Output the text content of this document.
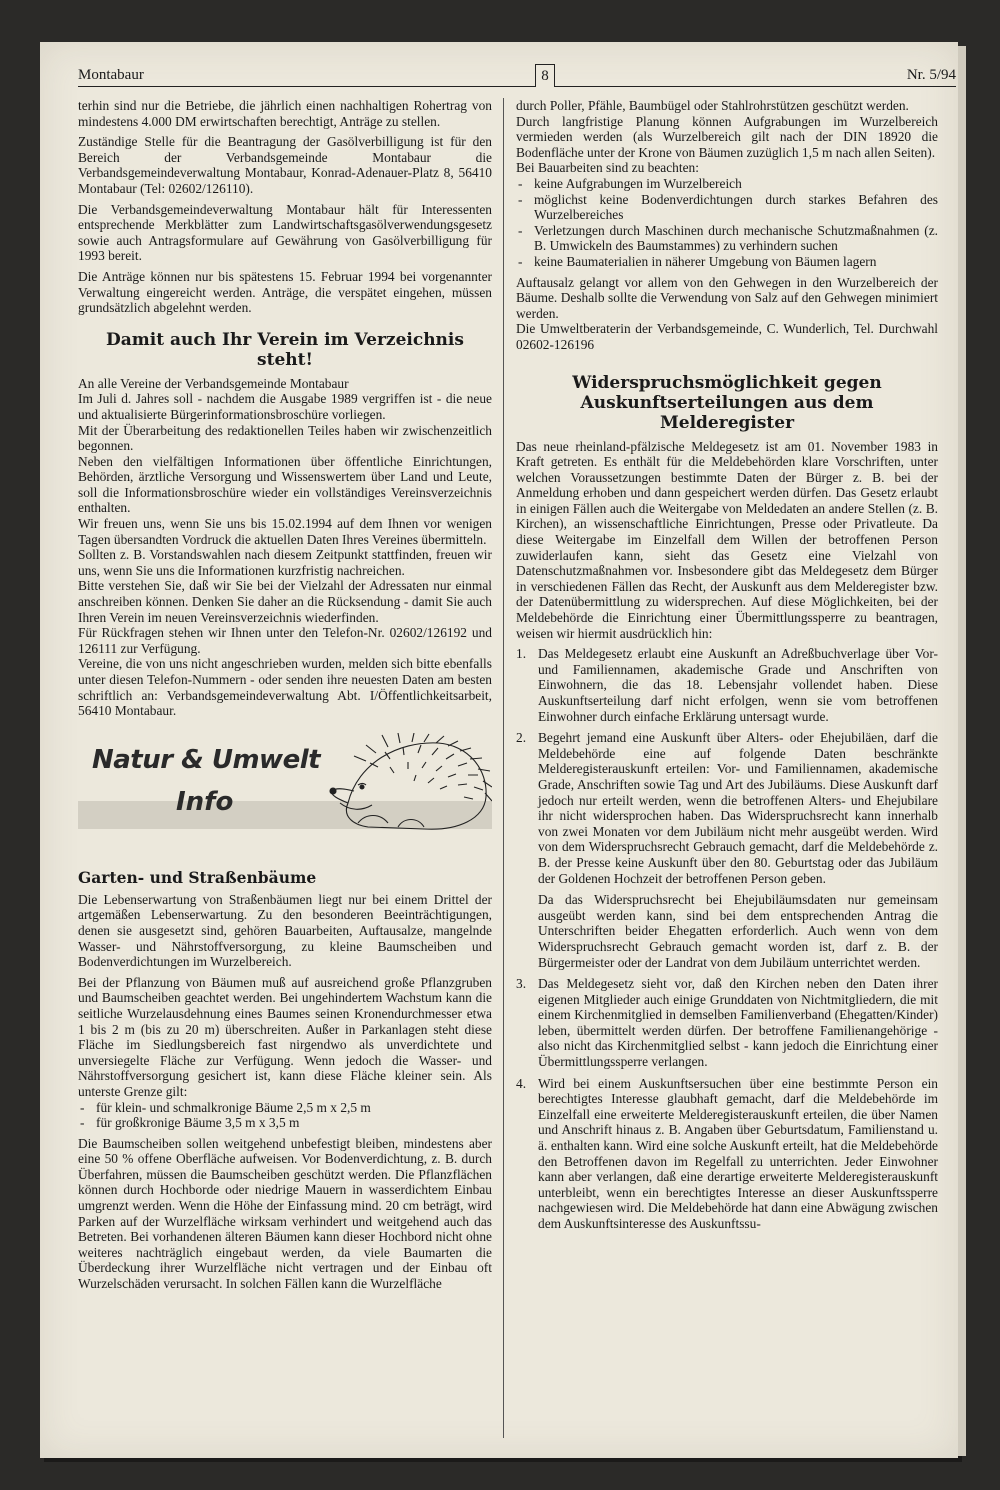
Montabaur	8	Nr. 5/94

terhin sind nur die Betriebe, die jährlich einen nachhaltigen Rohertrag von mindestens 4.000 DM erwirtschaften berechtigt, Anträge zu stellen.

Zuständige Stelle für die Beantragung der Gasölverbilligung ist für den Bereich der Verbandsgemeinde Montabaur die Verbandsgemeindeverwaltung Montabaur, Konrad-Adenauer-Platz 8, 56410 Montabaur (Tel: 02602/126110).

Die Verbandsgemeindeverwaltung Montabaur hält für Interessenten entsprechende Merkblätter zum Landwirtschaftsgasölverwendungsgesetz sowie auch Antragsformulare auf Gewährung von Gasölverbilligung für 1993 bereit.

Die Anträge können nur bis spätestens 15. Februar 1994 bei vorgenannter Verwaltung eingereicht werden. Anträge, die verspätet eingehen, müssen grundsätzlich abgelehnt werden.

Damit auch Ihr Verein im Verzeichnis steht!

An alle Vereine der Verbandsgemeinde Montabaur

Im Juli d. Jahres soll - nachdem die Ausgabe 1989 vergriffen ist - die neue und aktualisierte Bürgerinformationsbroschüre vorliegen.

Mit der Überarbeitung des redaktionellen Teiles haben wir zwischenzeitlich begonnen.

Neben den vielfältigen Informationen über öffentliche Einrichtungen, Behörden, ärztliche Versorgung und Wissenswertem über Land und Leute, soll die Informationsbroschüre wieder ein vollständiges Vereinsverzeichnis enthalten.

Wir freuen uns, wenn Sie uns bis 15.02.1994 auf dem Ihnen vor wenigen Tagen übersandten Vordruck die aktuellen Daten Ihres Vereines übermitteln.

Sollten z. B. Vorstandswahlen nach diesem Zeitpunkt stattfinden, freuen wir uns, wenn Sie uns die Informationen kurzfristig nachreichen.

Bitte verstehen Sie, daß wir Sie bei der Vielzahl der Adressaten nur einmal anschreiben können. Denken Sie daher an die Rücksendung - damit Sie auch Ihren Verein im neuen Vereinsverzeichnis wiederfinden.

Für Rückfragen stehen wir Ihnen unter den Telefon-Nr. 02602/126192 und 126111 zur Verfügung.

Vereine, die von uns nicht angeschrieben wurden, melden sich bitte ebenfalls unter diesen Telefon-Nummern - oder senden ihre neuesten Daten am besten schriftlich an: Verbandsgemeindeverwaltung Abt. I/Öffentlichkeitsarbeit, 56410 Montabaur.

Natur & Umwelt
Info
Garten- und Straßenbäume

Die Lebenserwartung von Straßenbäumen liegt nur bei einem Drittel der artgemäßen Lebenserwartung. Zu den besonderen Beeinträchtigungen, denen sie ausgesetzt sind, gehören Bauarbeiten, Auftausalze, mangelnde Wasser- und Nährstoffversorgung, zu kleine Baumscheiben und Bodenverdichtungen im Wurzelbereich.

Bei der Pflanzung von Bäumen muß auf ausreichend große Pflanzgruben und Baumscheiben geachtet werden. Bei ungehindertem Wachstum kann die seitliche Wurzelausdehnung eines Baumes seinen Kronendurchmesser etwa 1 bis 2 m (bis zu 20 m) überschreiten. Außer in Parkanlagen steht diese Fläche im Siedlungsbereich fast nirgendwo als unverdichtete und unversiegelte Fläche zur Verfügung. Wenn jedoch die Wasser- und Nährstoffversorgung gesichert ist, kann diese Fläche kleiner sein. Als unterste Grenze gilt:

- für klein- und schmalkronige Bäume 2,5 m x 2,5 m
- für großkronige Bäume 3,5 m x 3,5 m

Die Baumscheiben sollen weitgehend unbefestigt bleiben, mindestens aber eine 50 % offene Oberfläche aufweisen. Vor Bodenverdichtung, z. B. durch Überfahren, müssen die Baumscheiben geschützt werden. Die Pflanzflächen können durch Hochborde oder niedrige Mauern in wasserdichtem Einbau umgrenzt werden. Wenn die Höhe der Einfassung mind. 20 cm beträgt, wird Parken auf der Wurzelfläche wirksam verhindert und weitgehend auch das Betreten. Bei vorhandenen älteren Bäumen kann dieser Hochbord nicht ohne weiteres nachträglich eingebaut werden, da viele Baumarten die Überdeckung ihrer Wurzelfläche nicht vertragen und der Einbau oft Wurzelschäden verursacht. In solchen Fällen kann die Wurzelfläche

durch Poller, Pfähle, Baumbügel oder Stahlrohrstützen geschützt werden.

Durch langfristige Planung können Aufgrabungen im Wurzelbereich vermieden werden (als Wurzelbereich gilt nach der DIN 18920 die Bodenfläche unter der Krone von Bäumen zuzüglich 1,5 m nach allen Seiten).

Bei Bauarbeiten sind zu beachten:

- keine Aufgrabungen im Wurzelbereich
- möglichst keine Bodenverdichtungen durch starkes Befahren des Wurzelbereiches
- Verletzungen durch Maschinen durch mechanische Schutzmaßnahmen (z. B. Umwickeln des Baumstammes) zu verhindern suchen
- keine Baumaterialien in näherer Umgebung von Bäumen lagern

Auftausalz gelangt vor allem von den Gehwegen in den Wurzelbereich der Bäume. Deshalb sollte die Verwendung von Salz auf den Gehwegen minimiert werden.

Die Umweltberaterin der Verbandsgemeinde, C. Wunderlich, Tel. Durchwahl 02602-126196

Widerspruchsmöglichkeit gegen Auskunftserteilungen aus dem Melderegister

Das neue rheinland-pfälzische Meldegesetz ist am 01. November 1983 in Kraft getreten. Es enthält für die Meldebehörden klare Vorschriften, unter welchen Voraussetzungen bestimmte Daten der Bürger z. B. bei der Anmeldung erhoben und dann gespeichert werden dürfen. Das Gesetz erlaubt in einigen Fällen auch die Weitergabe von Meldedaten an andere Stellen (z. B. Kirchen), an wissenschaftliche Einrichtungen, Presse oder Privatleute. Da diese Weitergabe im Einzelfall dem Willen der betroffenen Person zuwiderlaufen kann, sieht das Gesetz eine Vielzahl von Datenschutzmaßnahmen vor. Insbesondere gibt das Meldegesetz dem Bürger in verschiedenen Fällen das Recht, der Auskunft aus dem Melderegister bzw. der Datenübermittlung zu widersprechen. Auf diese Möglichkeiten, bei der Meldebehörde die Einrichtung einer Übermittlungssperre zu beantragen, weisen wir hiermit ausdrücklich hin:

1. Das Meldegesetz erlaubt eine Auskunft an Adreßbuchverlage über Vor- und Familiennamen, akademische Grade und Anschriften von Einwohnern, die das 18. Lebensjahr vollendet haben. Diese Auskunftserteilung darf nicht erfolgen, wenn sie vom betroffenen Einwohner durch einfache Erklärung untersagt wurde.
2. Begehrt jemand eine Auskunft über Alters- oder Ehejubiläen, darf die Meldebehörde eine auf folgende Daten beschränkte Melderegisterauskunft erteilen: Vor- und Familiennamen, akademische Grade, Anschriften sowie Tag und Art des Jubiläums. Diese Auskunft darf jedoch nur erteilt werden, wenn die betroffenen Alters- und Ehejubilare ihr nicht widersprochen haben. Das Widerspruchsrecht kann innerhalb von zwei Monaten vor dem Jubiläum nicht mehr ausgeübt werden. Wird von dem Widerspruchsrecht Gebrauch gemacht, darf die Meldebehörde z. B. der Presse keine Auskunft über den 80. Geburtstag oder das Jubiläum der Goldenen Hochzeit der betroffenen Person geben.
Da das Widerspruchsrecht bei Ehejubiläumsdaten nur gemeinsam ausgeübt werden kann, sind bei dem entsprechenden Antrag die Unterschriften beider Ehegatten erforderlich. Auch wenn von dem Widerspruchsrecht Gebrauch gemacht worden ist, darf z. B. der Bürgermeister oder der Landrat von dem Jubiläum unterrichtet werden.
3. Das Meldegesetz sieht vor, daß den Kirchen neben den Daten ihrer eigenen Mitglieder auch einige Grunddaten von Nichtmitgliedern, die mit einem Kirchenmitglied in demselben Familienverband (Ehegatten/Kinder) leben, übermittelt werden dürfen. Der betroffene Familienangehörige - also nicht das Kirchenmitglied selbst - kann jedoch die Einrichtung einer Übermittlungssperre verlangen.
4. Wird bei einem Auskunftsersuchen über eine bestimmte Person ein berechtigtes Interesse glaubhaft gemacht, darf die Meldebehörde im Einzelfall eine erweiterte Melderegisterauskunft erteilen, die über Namen und Anschrift hinaus z. B. Angaben über Geburtsdatum, Familienstand u. ä. enthalten kann. Wird eine solche Auskunft erteilt, hat die Meldebehörde den Betroffenen davon im Regelfall zu unterrichten. Jeder Einwohner kann aber verlangen, daß eine derartige erweiterte Melderegisterauskunft unterbleibt, wenn ein berechtigtes Interesse an dieser Auskunftssperre nachgewiesen wird. Die Meldebehörde hat dann eine Abwägung zwischen dem Auskunftsinteresse des Auskunftssu-
